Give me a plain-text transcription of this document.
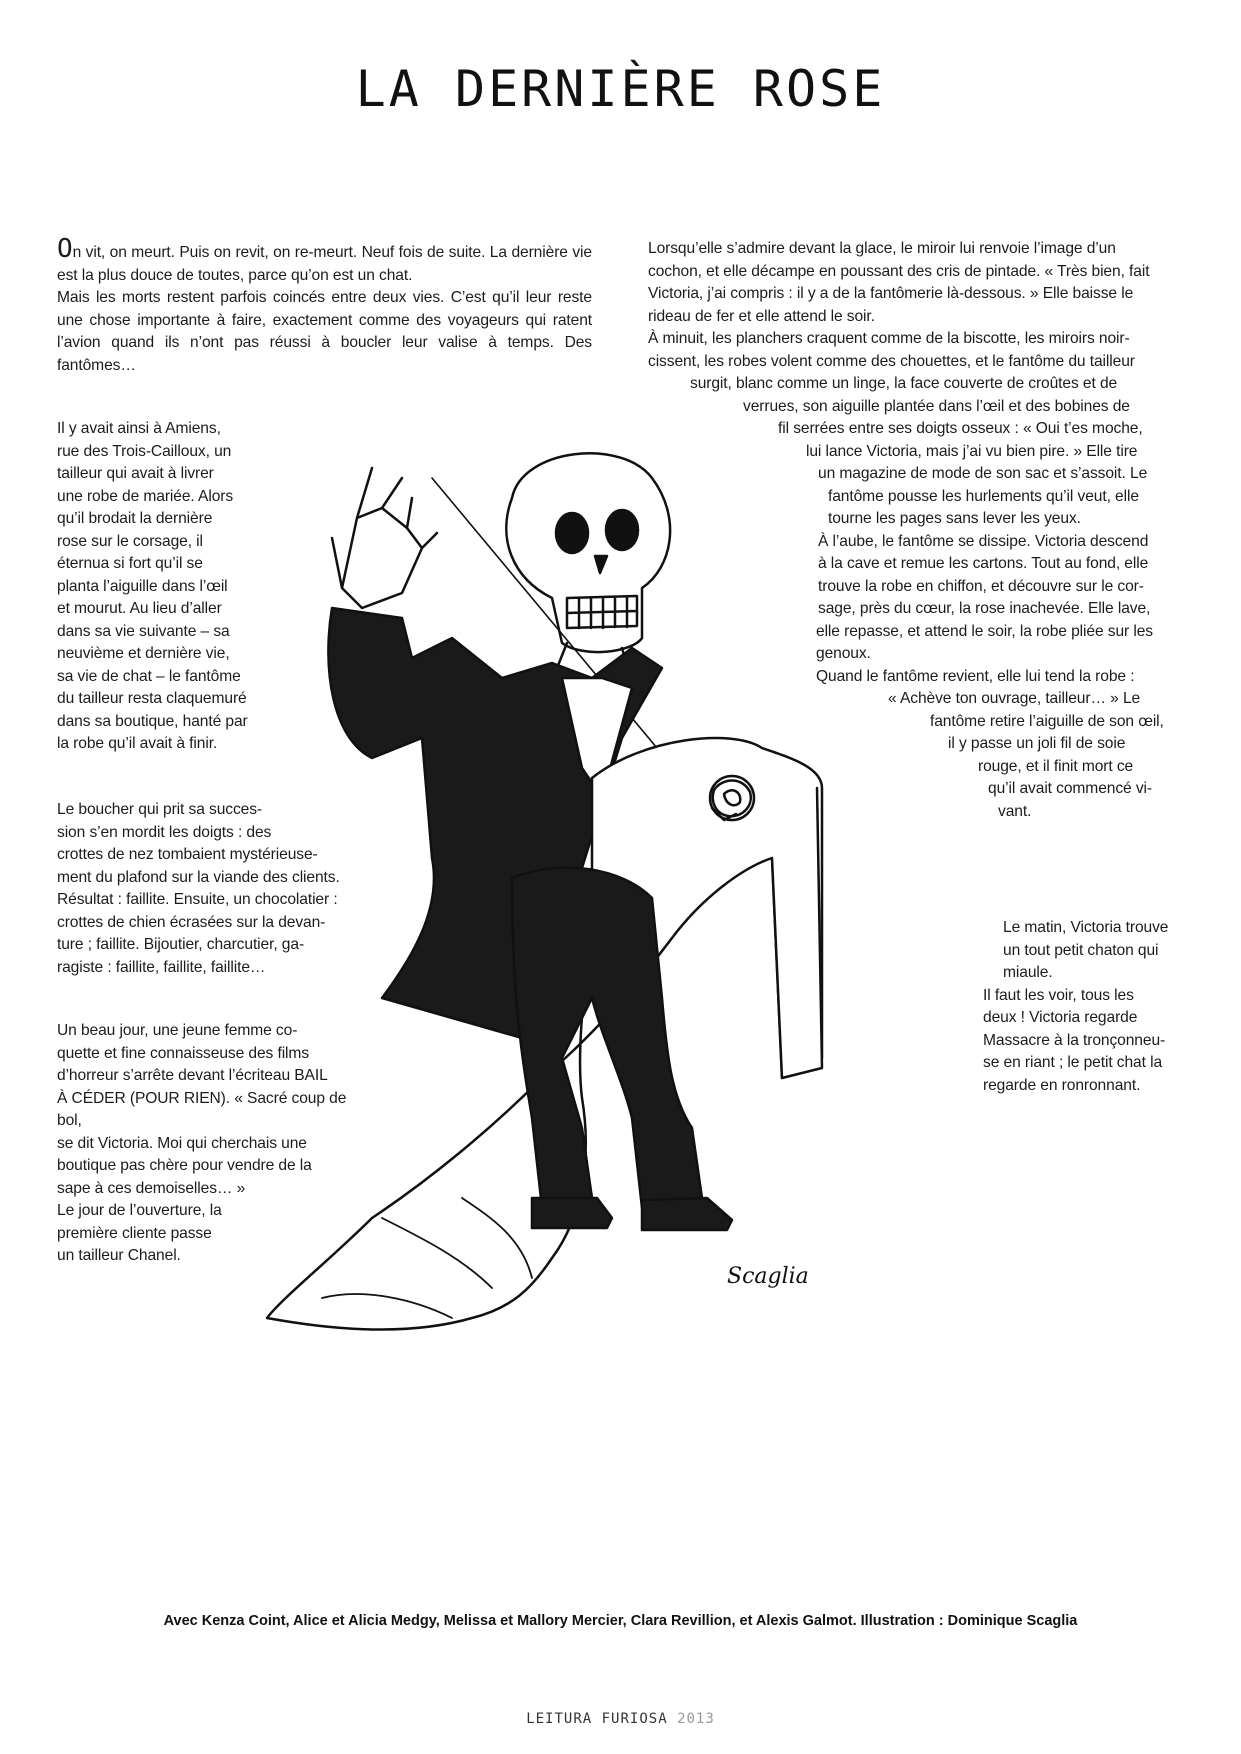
LA DERNIÈRE ROSE

On vit, on meurt. Puis on revit, on re-meurt. Neuf fois de suite. La dernière vie est la plus douce de toutes, parce qu’on est un chat.

Mais les morts restent parfois coincés entre deux vies. C’est qu’il leur reste une chose importante à faire, exactement comme des voyageurs qui ratent l’avion quand ils n’ont pas réussi à boucler leur valise à temps. Des fantômes…

Il y avait ainsi à Amiens,
rue des Trois-Cailloux, un
tailleur qui avait à livrer
une robe de mariée. Alors
qu’il brodait la dernière
rose sur le corsage, il
éternua si fort qu’il se
planta l’aiguille dans l’œil
et mourut. Au lieu d’aller
dans sa vie suivante – sa
neuvième et dernière vie,
sa vie de chat – le fantôme
du tailleur resta claquemuré
dans sa boutique, hanté par
la robe qu’il avait à finir.
Le boucher qui prit sa succes-
sion s’en mordit les doigts : des
crottes de nez tombaient mystérieuse-
ment du plafond sur la viande des clients.
Résultat : faillite. Ensuite, un chocolatier :
crottes de chien écrasées sur la devan-
ture ; faillite. Bijoutier, charcutier, ga-
ragiste : faillite, faillite, faillite…
Un beau jour, une jeune femme co-
quette et fine connaisseuse des films
d’horreur s’arrête devant l’écriteau BAIL
À CÉDER (POUR RIEN). « Sacré coup de bol,
se dit Victoria. Moi qui cherchais une
boutique pas chère pour vendre de la
sape à ces demoiselles… »
Le jour de l’ouverture, la
première cliente passe
un tailleur Chanel.
Lorsqu’elle s’admire devant la glace, le miroir lui renvoie l’image d’un
cochon, et elle décampe en poussant des cris de pintade. « Très bien, fait
Victoria, j’ai compris : il y a de la fantômerie là-dessous. » Elle baisse le
rideau de fer et elle attend le soir.
À minuit, les planchers craquent comme de la biscotte, les miroirs noir-
cissent, les robes volent comme des chouettes, et le fantôme du tailleur
surgit, blanc comme un linge, la face couverte de croûtes et de
verrues, son aiguille plantée dans l’œil et des bobines de
fil serrées entre ses doigts osseux : « Oui t’es moche,
lui lance Victoria, mais j’ai vu bien pire. » Elle tire
un magazine de mode de son sac et s’assoit. Le
fantôme pousse les hurlements qu’il veut, elle
tourne les pages sans lever les yeux.
À l’aube, le fantôme se dissipe. Victoria descend
à la cave et remue les cartons. Tout au fond, elle
trouve la robe en chiffon, et découvre sur le cor-
sage, près du cœur, la rose inachevée. Elle lave,
elle repasse, et attend le soir, la robe pliée sur les
genoux.
Quand le fantôme revient, elle lui tend la robe :
« Achève ton ouvrage, tailleur… » Le
fantôme retire l’aiguille de son œil,
il y passe un joli fil de soie
rouge, et il finit mort ce
qu’il avait commencé vi-
vant.
Le matin, Victoria trouve
un tout petit chaton qui
miaule.
Il faut les voir, tous les
deux ! Victoria regarde
Massacre à la tronçonneu-
se en riant ; le petit chat la
regarde en ronronnant.
Scaglia
Avec Kenza Coint, Alice et Alicia Medgy, Melissa et Mallory Mercier, Clara Revillion, et Alexis Galmot. Illustration : Dominique Scaglia
LEITURA FURIOSA 2013
